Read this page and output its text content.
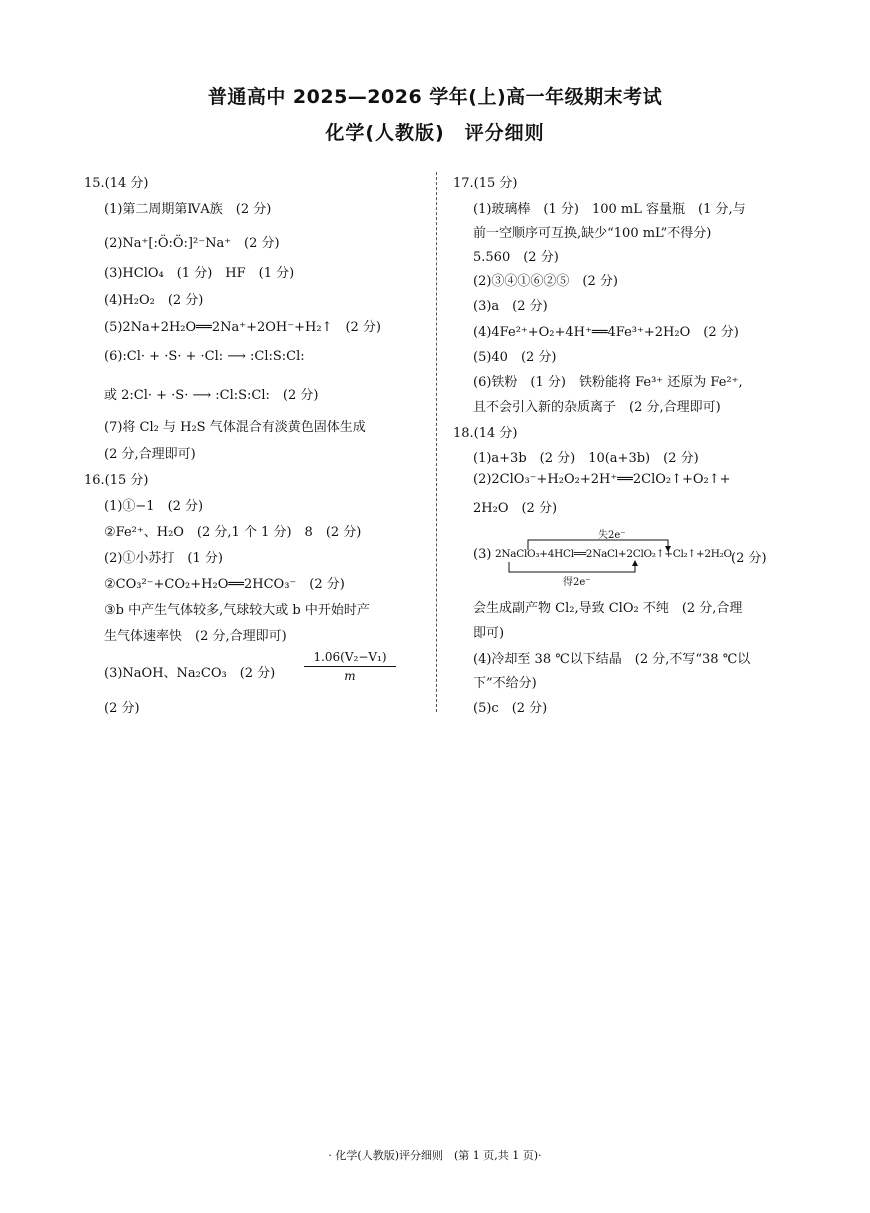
普通高中 2025—2026 学年(上)高一年级期末考试
化学(人教版)　评分细则
15.(14 分)
(1)第二周期第ⅣA族　(2 分)
(2)Na⁺[:Ö:Ö:]²⁻Na⁺　(2 分)
(3)HClO₄　(1 分)　HF　(1 分)
(4)H₂O₂　(2 分)
(5)2Na+2H₂O══2Na⁺+2OH⁻+H₂↑　(2 分)
(6):Cl· + ·S· + ·Cl: ⟶ :Cl:S:Cl:
或 2:Cl· + ·S· ⟶ :Cl:S:Cl:　(2 分)
(7)将 Cl₂ 与 H₂S 气体混合有淡黄色固体生成
(2 分,合理即可)
16.(15 分)
(1)①−1　(2 分)
②Fe²⁺、H₂O　(2 分,1 个 1 分)　8　(2 分)
(2)①小苏打　(1 分)
②CO₃²⁻+CO₂+H₂O══2HCO₃⁻　(2 分)
③b 中产生气体较多,气球较大或 b 中开始时产
生气体速率快　(2 分,合理即可)
(3)NaOH、Na₂CO₃　(2 分) $\frac{\text{1.06(V₂−V₁)}}{m}$
(2 分)
17.(15 分)
(1)玻璃棒　(1 分)　100 mL 容量瓶　(1 分,与
前一空顺序可互换,缺少“100 mL”不得分)
5.560　(2 分)
(2)③④①⑥②⑤　(2 分)
(3)a　(2 分)
(4)4Fe²⁺+O₂+4H⁺══4Fe³⁺+2H₂O　(2 分)
(5)40　(2 分)
(6)铁粉　(1 分)　铁粉能将 Fe³⁺ 还原为 Fe²⁺,
且不会引入新的杂质离子　(2 分,合理即可)
18.(14 分)
(1)a+3b　(2 分)　10(a+3b)　(2 分)
(2)2ClO₃⁻+H₂O₂+2H⁺══2ClO₂↑+O₂↑+
2H₂O　(2 分)
(3)	(2 分)
会生成副产物 Cl₂,导致 ClO₂ 不纯　(2 分,合理
即可)
(4)冷却至 38 ℃以下结晶　(2 分,不写“38 ℃以
下”不给分)
(5)c　(2 分)
失2e⁻
2NaClO₃+4HCl══2NaCl+2ClO₂↑+Cl₂↑+2H₂O
得2e⁻
· 化学(人教版)评分细则　(第 1 页,共 1 页)·
